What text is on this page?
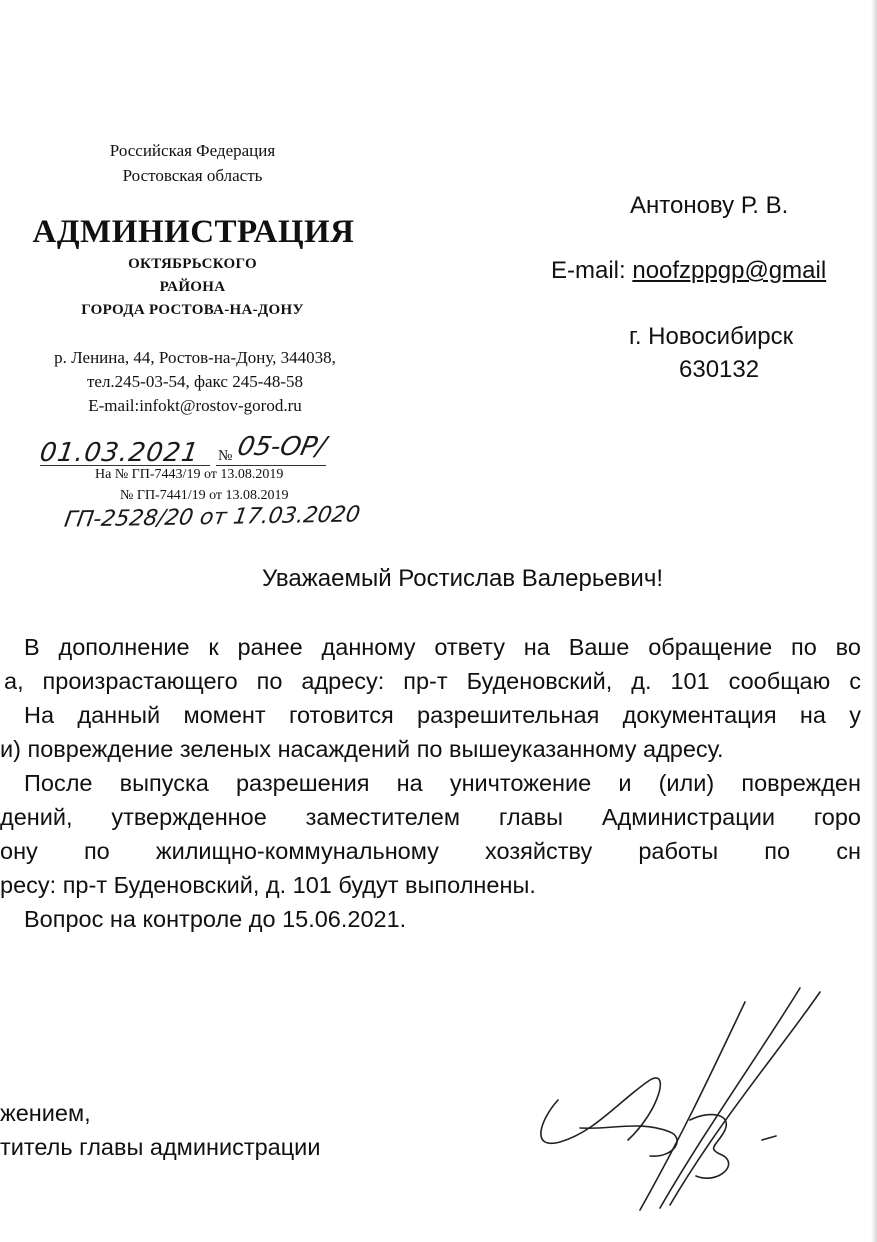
Российская Федерация
Ростовская область
АДМИНИСТРАЦИЯ
ОКТЯБРЬСКОГО
РАЙОНА
ГОРОДА РОСТОВА-НА-ДОНУ
р. Ленина, 44, Ростов-на-Дону, 344038,
тел.245-03-54, факс 245-48-58
E-mail:infokt@rostov-gorod.ru
01.03.2021 № 05-ОР/
На № ГП-7443/19 от 13.08.2019
№ ГП-7441/19 от 13.08.2019
ГП-2528/20 от 17.03.2020
Антонову Р. В.
E-mail: noofzppgp@gmail
г. Новосибирск
630132
Уважаемый Ростислав Валерьевич!
В дополнение к ранее данному ответу на Ваше обращение по во
а, произрастающего по адресу: пр-т Буденовский, д. 101 сообщаю с
На данный момент готовится разрешительная документация на у
и) повреждение зеленых насаждений по вышеуказанному адресу.
После выпуска разрешения на уничтожение и (или) поврежден
дений, утвержденное заместителем главы Администрации горо
ону по жилищно-коммунальному хозяйству работы по сн
ресу: пр-т Буденовский, д. 101 будут выполнены.
Вопрос на контроле до 15.06.2021.
жением,
титель главы администрации
